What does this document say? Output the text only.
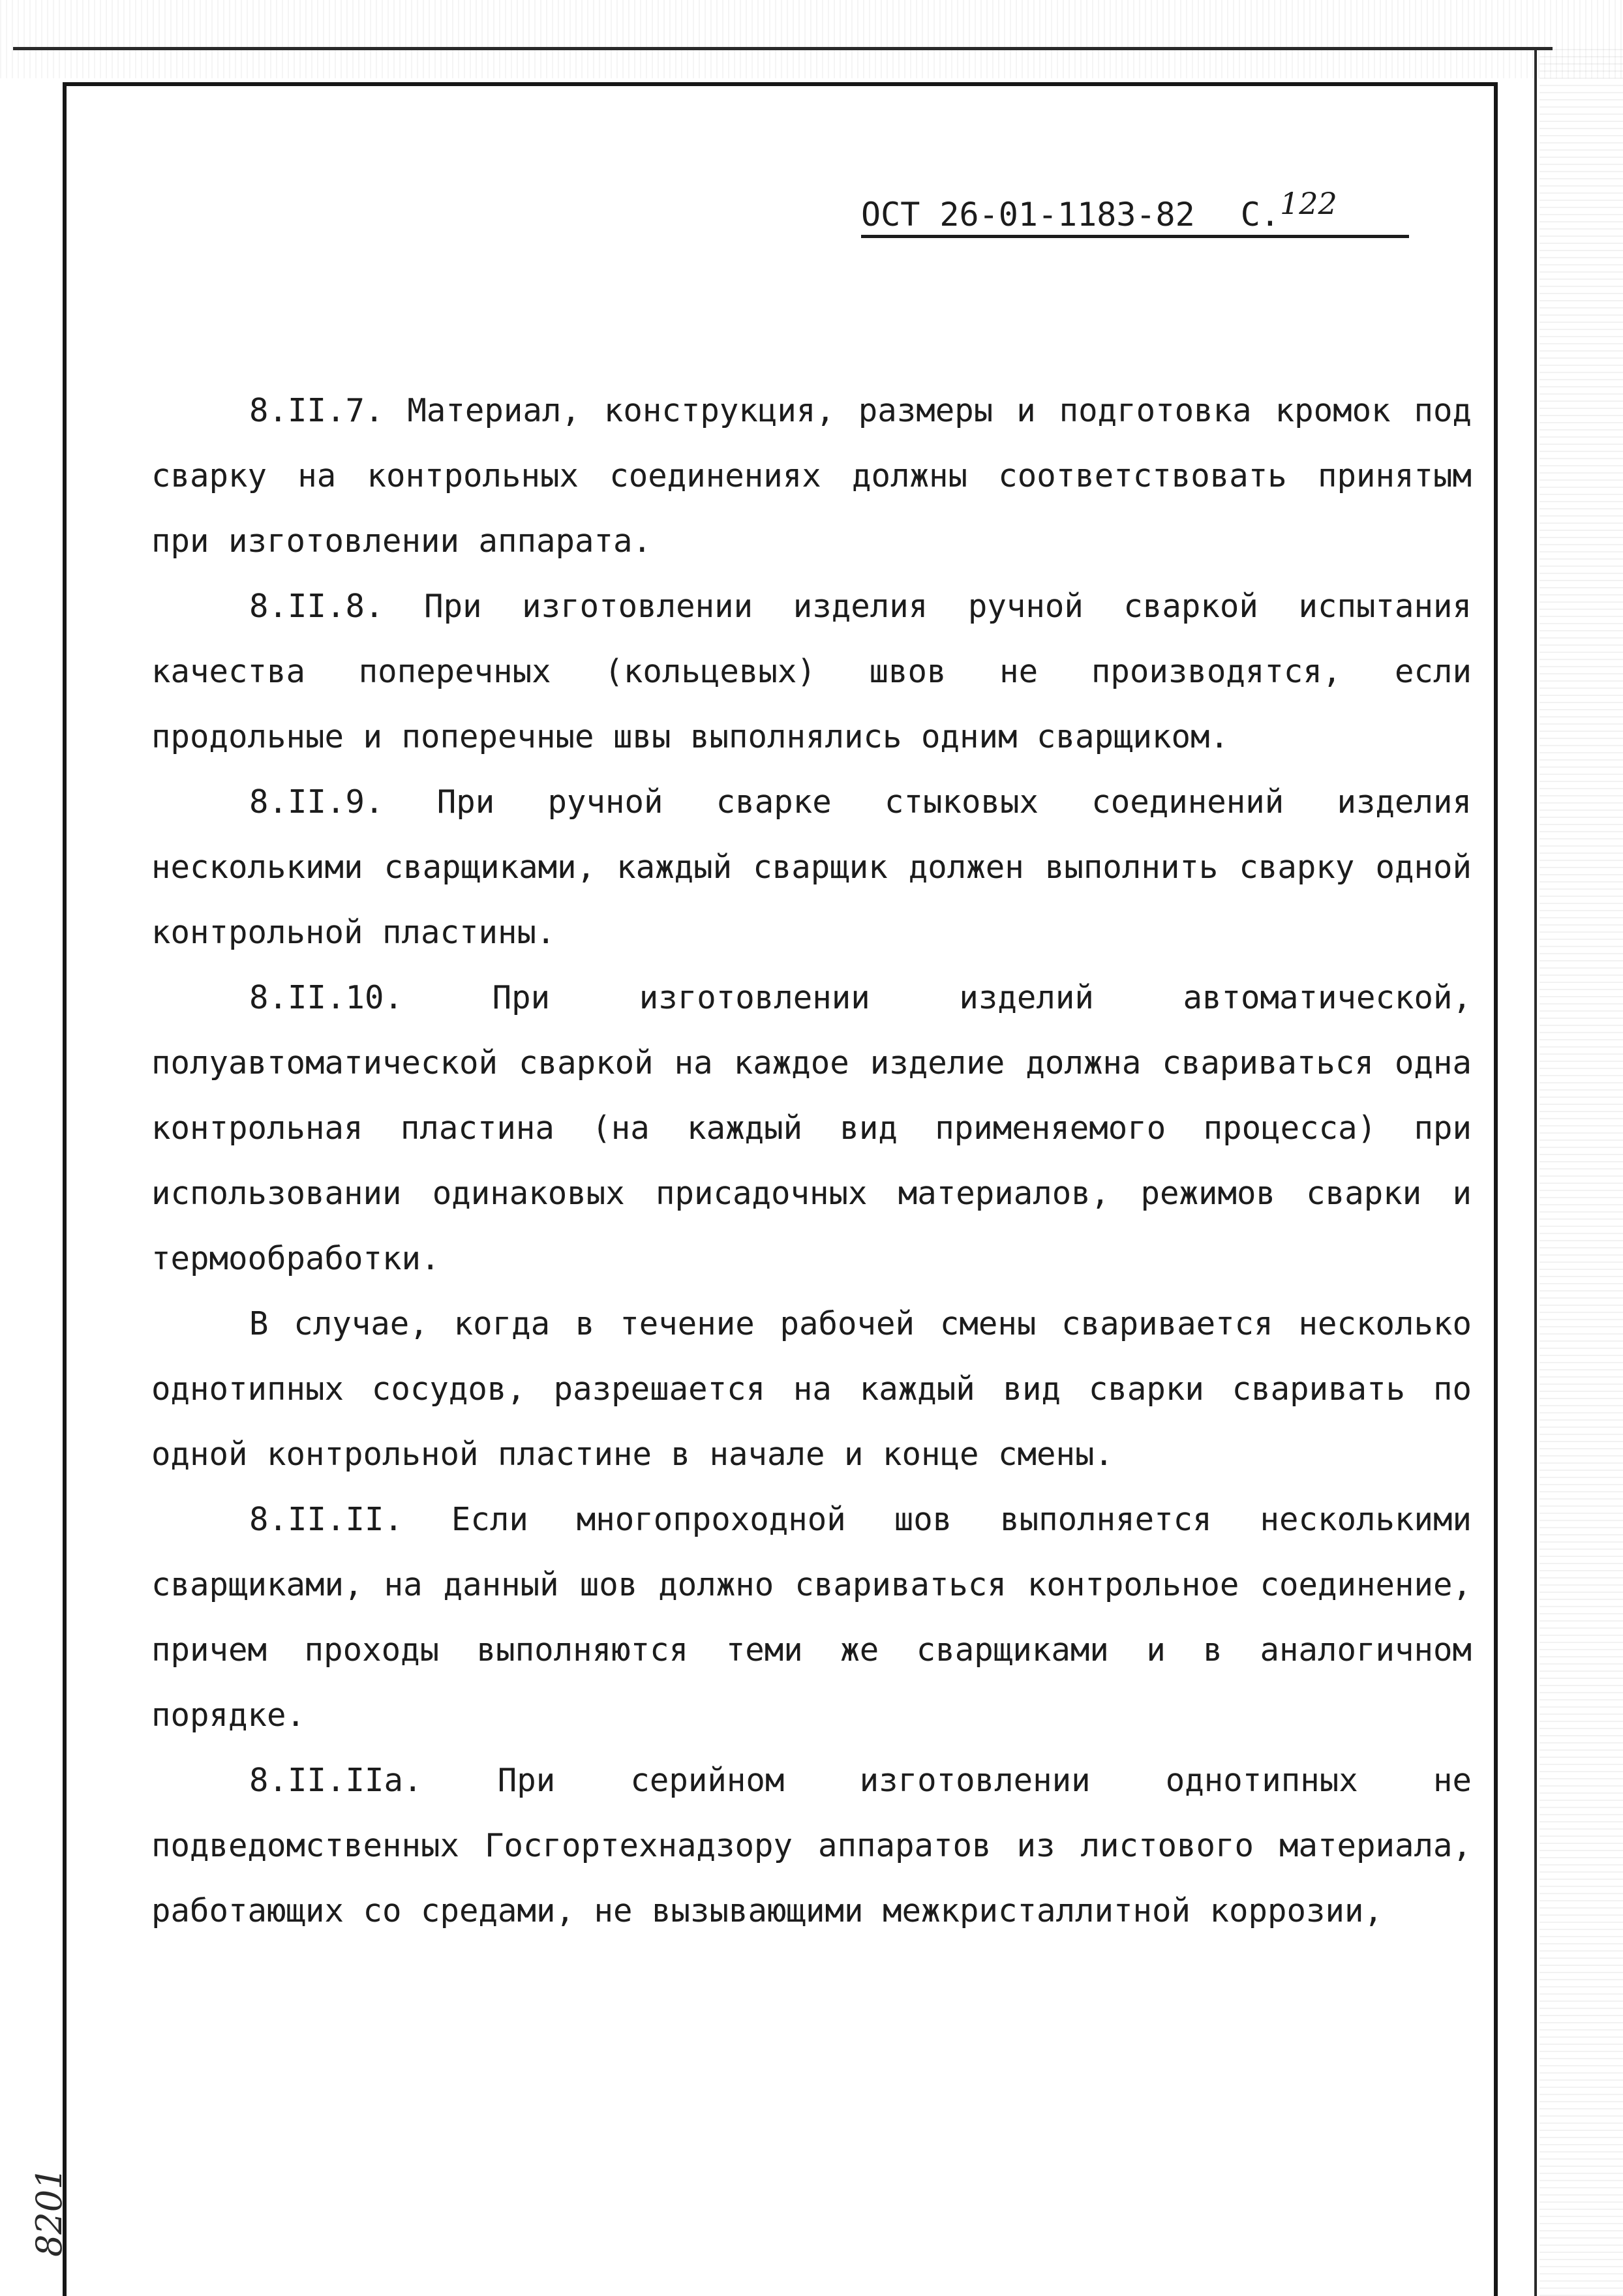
ОСТ 26-01-1183-82 С.122

8.II.7. Материал, конструкция, размеры и подготовка кромок под сварку на контрольных соединениях должны соответствовать принятым при изготовлении аппарата.

8.II.8. При изготовлении изделия ручной сваркой испытания качества поперечных (кольцевых) швов не производятся, если продольные и поперечные швы выполнялись одним сварщиком.

8.II.9. При ручной сварке стыковых соединений изделия несколькими сварщиками, каждый сварщик должен выполнить сварку одной контрольной пластины.

8.II.10. При изготовлении изделий автоматической, полуавтоматической сваркой на каждое изделие должна свариваться одна контрольная пластина (на каждый вид применяемого процесса) при использовании одинаковых присадочных материалов, режимов сварки и термообработки.

В случае, когда в течение рабочей смены сваривается несколько однотипных сосудов, разрешается на каждый вид сварки сваривать по одной контрольной пластине в начале и конце смены.

8.II.II. Если многопроходной шов выполняется несколькими сварщиками, на данный шов должно свариваться контрольное соединение, причем проходы выполняются теми же сварщиками и в аналогичном порядке.

8.II.IIа. При серийном изготовлении однотипных не подведомственных Госгортехнадзору аппаратов из листового материала, работающих со средами, не вызывающими межкристаллитной коррозии,

8201
